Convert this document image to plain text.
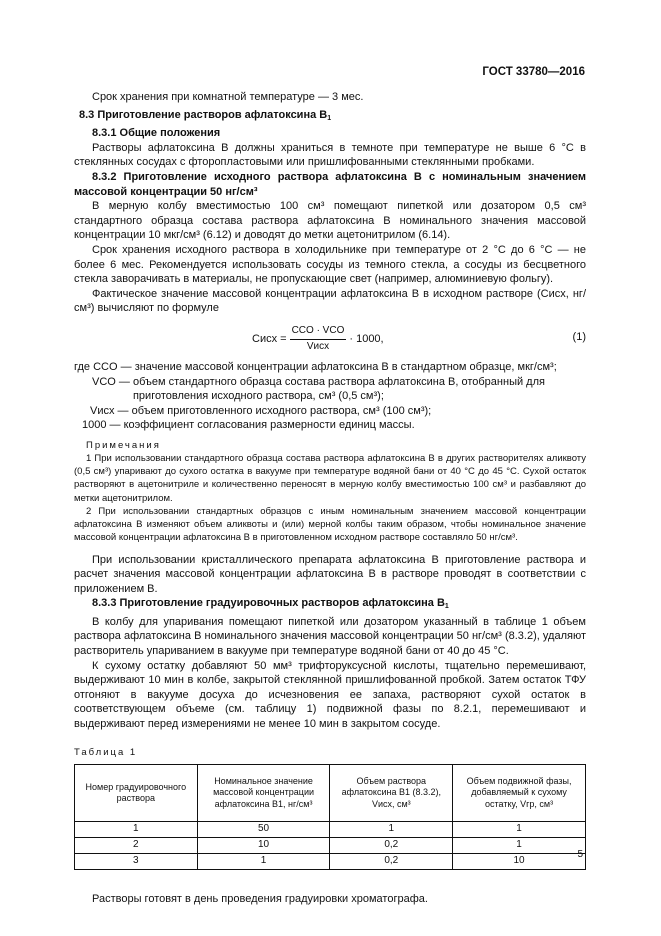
ГОСТ 33780—2016

Срок хранения при комнатной температуре — 3 мес.

8.3 Приготовление растворов афлатоксина $B_1$

8.3.1 Общие положения

Растворы афлатоксина B должны храниться в темноте при температуре не выше 6 °С в стеклянных сосудах с фторопластовыми или пришлифованными стеклянными пробками.

8.3.2 Приготовление исходного раствора афлатоксина B с номинальным значением массовой концентрации 50 нг/см³

В мерную колбу вместимостью 100 см³ помещают пипеткой или дозатором 0,5 см³ стандартного образца состава раствора афлатоксина B номинального значения массовой концентрации 10 мкг/см³ (6.12) и доводят до метки ацетонитрилом (6.14).

Срок хранения исходного раствора в холодильнике при температуре от 2 °С до 6 °С — не более 6 мес. Рекомендуется использовать сосуды из темного стекла, а сосуды из бесцветного стекла заворачивать в материалы, не пропускающие свет (например, алюминиевую фольгу).

Фактическое значение массовой концентрации афлатоксина B в исходном растворе (Cисх, нг/см³) вычисляют по формуле

Cисх = $\frac{\text{CCO · VCO}}{\text{Vисх}} \cdot 1000$,	(1)
где CCO —
значение массовой концентрации афлатоксина B в стандартном образце, мкг/см³;
VCO —
объем стандартного образца состава раствора афлатоксина B, отобранный для приготовления исходного раствора, см³ (0,5 см³);
Vисх —
объем приготовленного исходного раствора, см³ (100 см³);
1000 —
коэффициент согласования размерности единиц массы.
Примечания

1 При использовании стандартного образца состава раствора афлатоксина B в других растворителях аликвоту (0,5 см³) упаривают до сухого остатка в вакууме при температуре водяной бани от 40 °С до 45 °С. Сухой остаток растворяют в ацетонитриле и количественно переносят в мерную колбу вместимостью 100 см³ и разбавляют до метки ацетонитрилом.

2 При использовании стандартных образцов с иным номинальным значением массовой концентрации афлатоксина B изменяют объем аликвоты и (или) мерной колбы таким образом, чтобы номинальное значение массовой концентрации афлатоксина B в приготовленном исходном растворе составляло 50 нг/см³.

При использовании кристаллического препарата афлатоксина B приготовление раствора и расчет значения массовой концентрации афлатоксина B в растворе проводят в соответствии с приложением В.

8.3.3 Приготовление градуировочных растворов афлатоксина $B_1$

В колбу для упаривания помещают пипеткой или дозатором указанный в таблице 1 объем раствора афлатоксина B номинального значения массовой концентрации 50 нг/см³ (8.3.2), удаляют растворитель упариванием в вакууме при температуре водяной бани от 40 до 45 °С.

К сухому остатку добавляют 50 мм³ трифторуксусной кислоты, тщательно перемешивают, выдерживают 10 мин в колбе, закрытой стеклянной пришлифованной пробкой. Затем остаток ТФУ отгоняют в вакууме досуха до исчезновения ее запаха, растворяют сухой остаток в соответствующем объеме (см. таблицу 1) подвижной фазы по 8.2.1, перемешивают и выдерживают перед измерениями не менее 10 мин в закрытом сосуде.

Таблица 1
Номер градуировочного раствора	Номинальное значение массовой концентрации афлатоксина B1, нг/см³	Объем раствора афлатоксина B1 (8.3.2), Vисх, см³	Объем подвижной фазы, добавляемый к сухому остатку, Vгр, см³
1	50	1	1
2	10	0,2	1
3	1	0,2	10

Растворы готовят в день проведения градуировки хроматографа.

5
